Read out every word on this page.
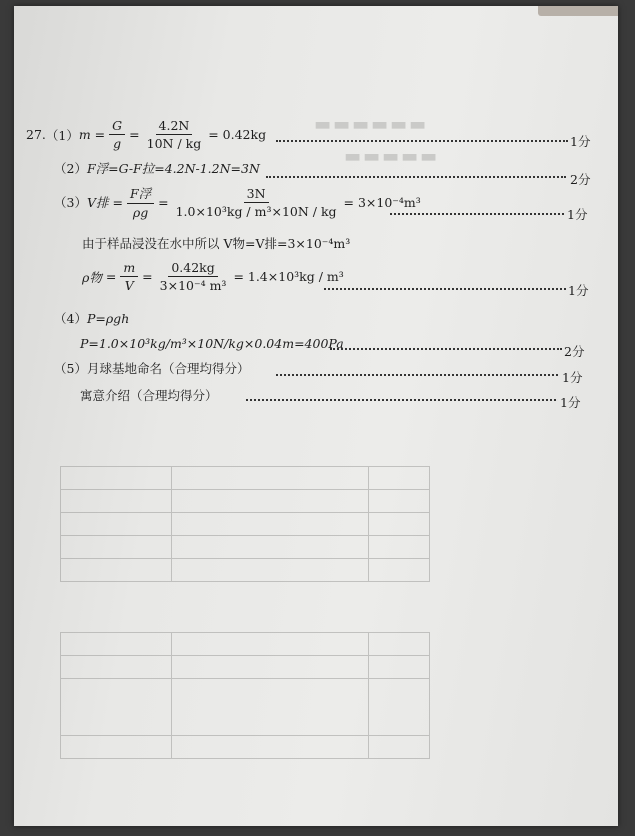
▬▬▬▬▬▬
▬▬▬▬▬

27. （1） $m = \frac{G}{g} = \frac{4.2N}{10N / kg} = 0.42kg$	1分
（2） F浮=G-F拉=4.2N-1.2N=3N
2分
（3） V排 = $\frac{\text{F浮}}{\rho g} = \frac{3N}{\text{1.0×10³kg / m³×10N / kg}} = 3\times 10^{-4}m^3$
1分
由于样品浸没在水中所以 V物=V排=3×10⁻⁴m³
ρ物 = $\frac{m}{V} = \frac{0.42kg}{\text{3×10⁻⁴ m³}} = 1.4\times 10^3kg / m^3$
1分
（4） P=ρgh
P=1.0×10³kg/m³×10N/kg×0.04m=400Pa
2分
（5） 月球基地命名（合理均得分）
1分
寓意介绍（合理均得分）	1分
